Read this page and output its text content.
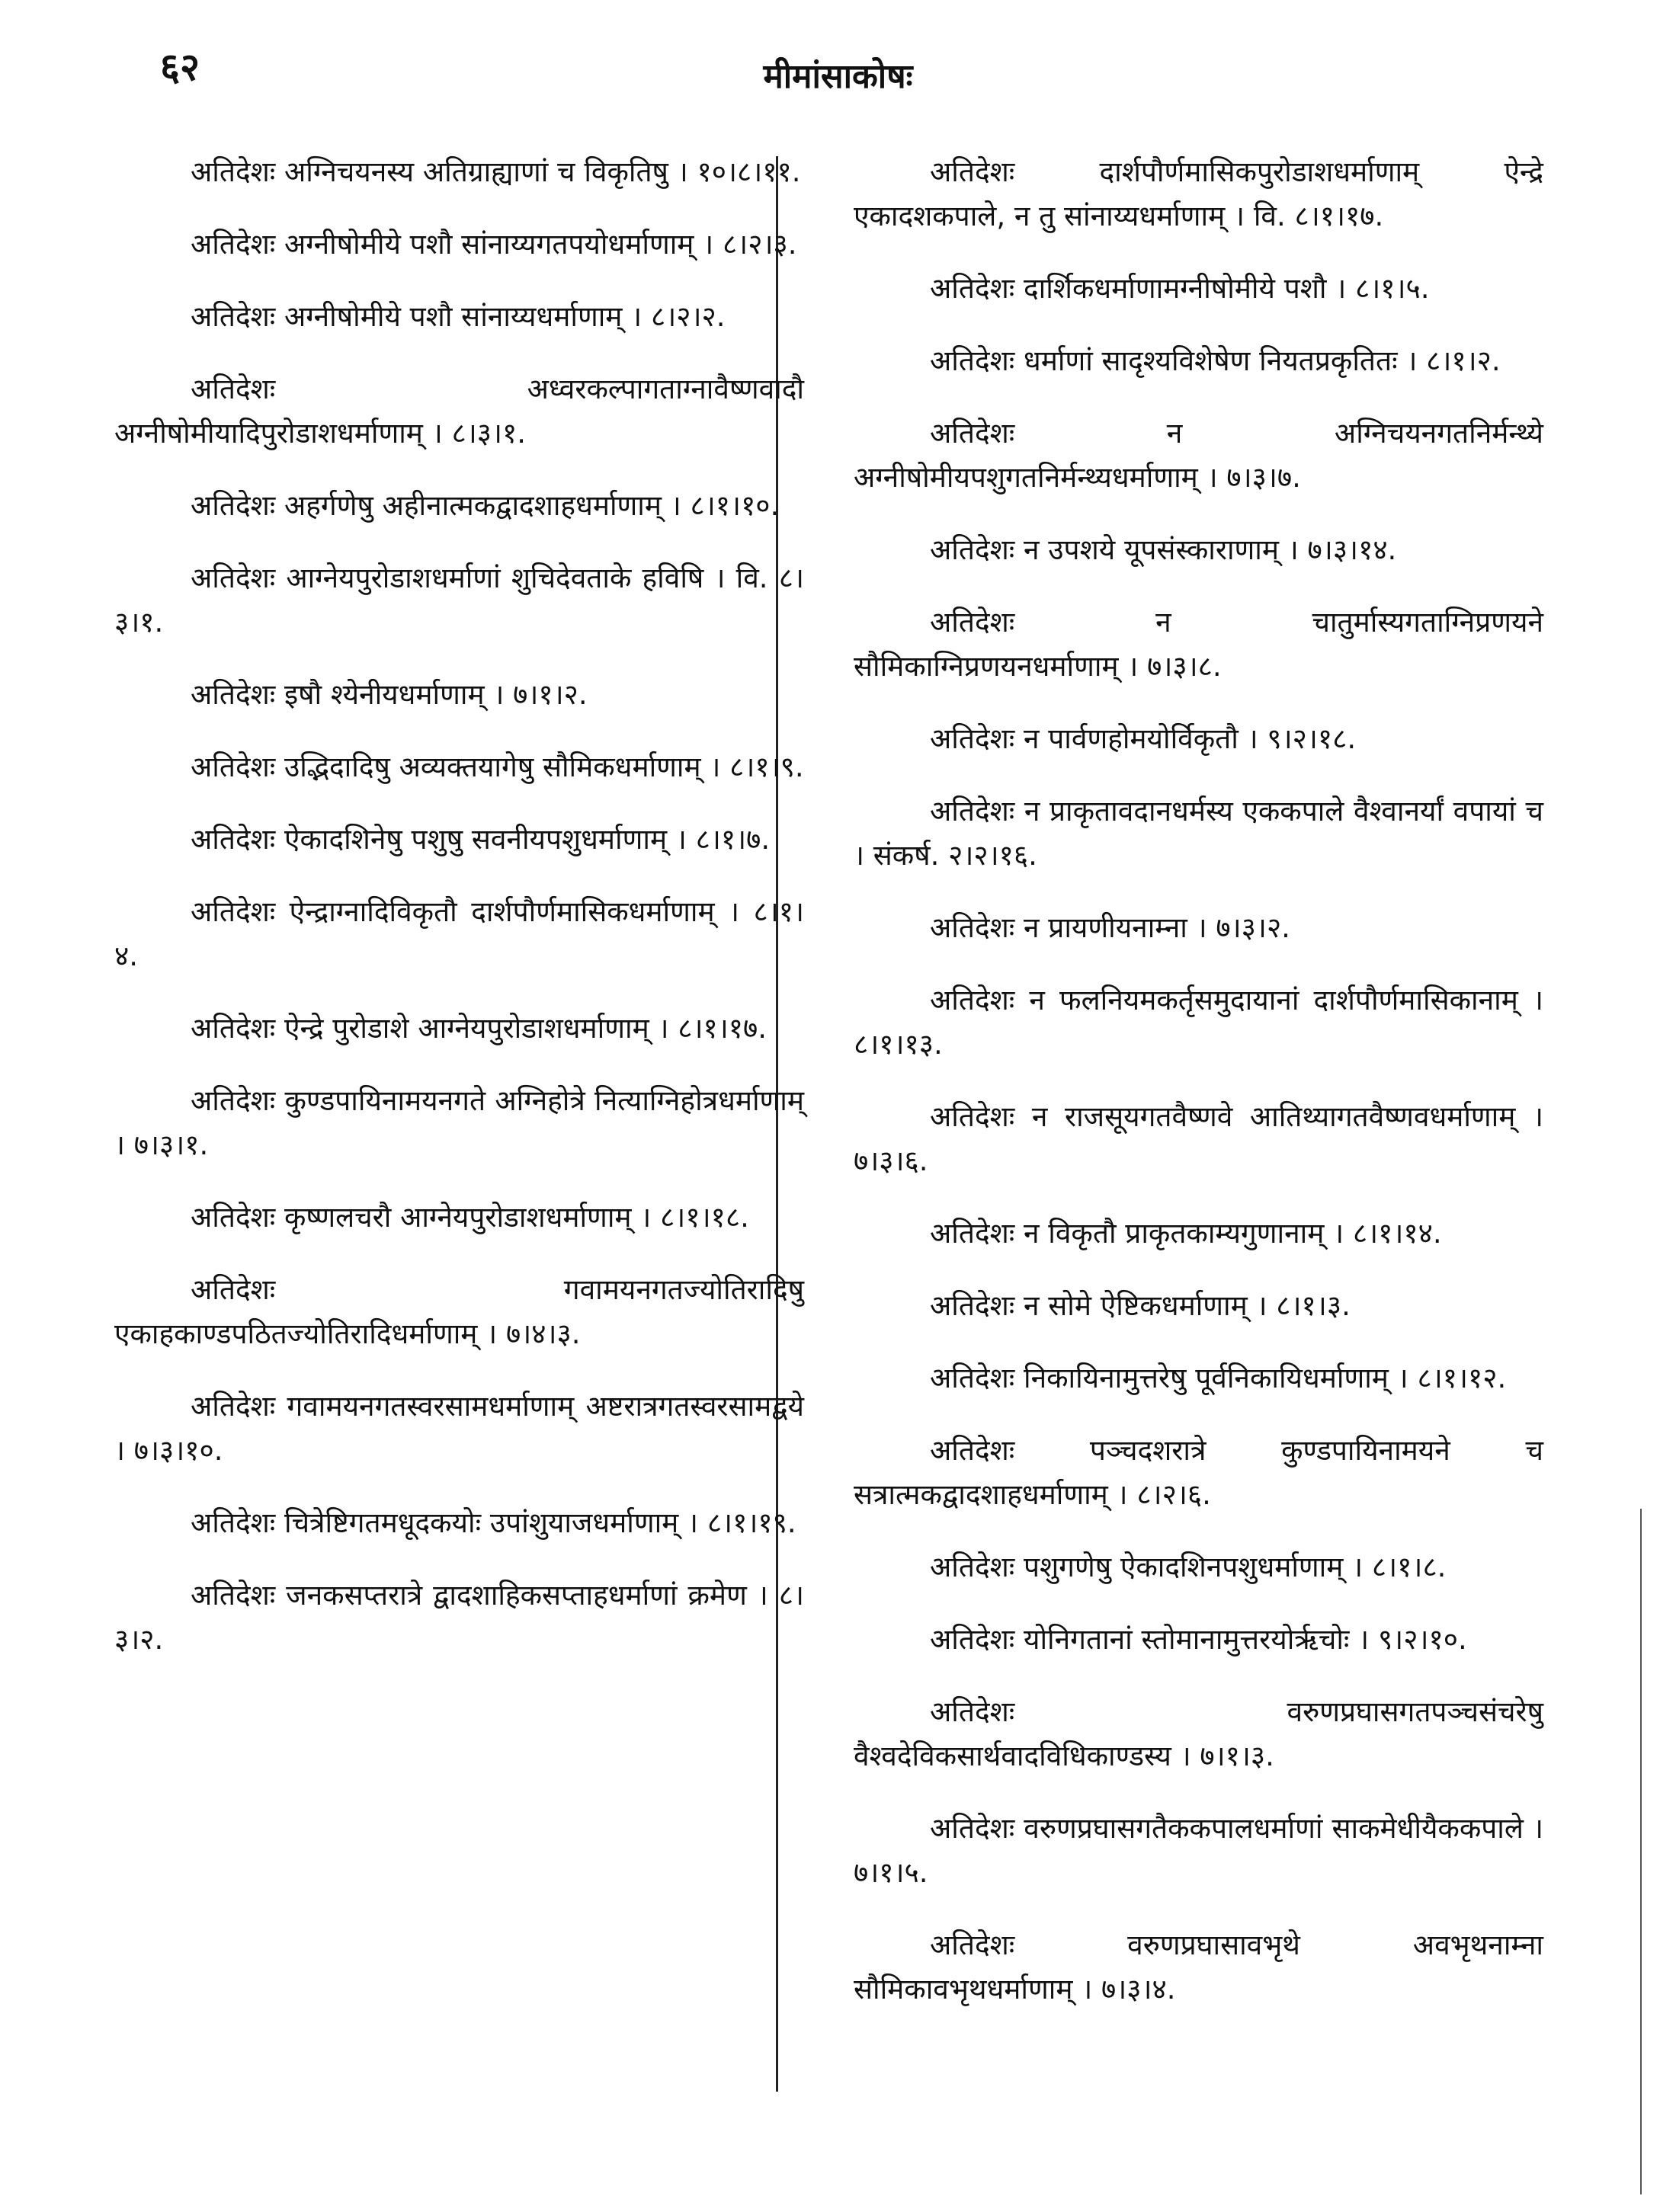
६२	मीमांसाकोषः

अतिदेशः अग्निचयनस्य अतिग्राह्याणां च विकृतिषु । १०।८।११.

अतिदेशः अग्नीषोमीये पशौ सांनाय्यगतपयोधर्माणाम् । ८।२।३.

अतिदेशः अग्नीषोमीये पशौ सांनाय्यधर्माणाम् । ८।२।२.

अतिदेशः अध्वरकल्पागताग्नावैष्णवादौ अग्नीषोमीयादिपुरोडाशधर्माणाम् । ८।३।१.

अतिदेशः अहर्गणेषु अहीनात्मकद्वादशाहधर्माणाम् । ८।१।१०.

अतिदेशः आग्नेयपुरोडाशधर्माणां शुचिदेवताके हविषि । वि. ८।३।१.

अतिदेशः इषौ श्येनीयधर्माणाम् । ७।१।२.

अतिदेशः उद्भिदादिषु अव्यक्तयागेषु सौमिकधर्माणाम् । ८।१।९.

अतिदेशः ऐकादशिनेषु पशुषु सवनीयपशुधर्माणाम् । ८।१।७.

अतिदेशः ऐन्द्राग्नादिविकृतौ दार्शपौर्णमासिकधर्माणाम् । ८।१।४.

अतिदेशः ऐन्द्रे पुरोडाशे आग्नेयपुरोडाशधर्माणाम् । ८।१।१७.

अतिदेशः कुण्डपायिनामयनगते अग्निहोत्रे नित्याग्निहोत्रधर्माणाम् । ७।३।१.

अतिदेशः कृष्णलचरौ आग्नेयपुरोडाशधर्माणाम् । ८।१।१८.

अतिदेशः गवामयनगतज्योतिरादिषु एकाहकाण्डपठितज्योतिरादिधर्माणाम् । ७।४।३.

अतिदेशः गवामयनगतस्वरसामधर्माणाम् अष्टरात्रगतस्वरसामद्वये । ७।३।१०.

अतिदेशः चित्रेष्टिगतमधूदकयोः उपांशुयाजधर्माणाम् । ८।१।१९.

अतिदेशः जनकसप्तरात्रे द्वादशाहिकसप्ताहधर्माणां क्रमेण । ८।३।२.

अतिदेशः दार्शपौर्णमासिकपुरोडाशधर्माणाम् ऐन्द्रे एकादशकपाले, न तु सांनाय्यधर्माणाम् । वि. ८।१।१७.

अतिदेशः दार्शिकधर्माणामग्नीषोमीये पशौ । ८।१।५.

अतिदेशः धर्माणां सादृश्यविशेषेण नियतप्रकृतितः । ८।१।२.

अतिदेशः न अग्निचयनगतनिर्मन्थ्ये अग्नीषोमीयपशुगतनिर्मन्थ्यधर्माणाम् । ७।३।७.

अतिदेशः न उपशये यूपसंस्काराणाम् । ७।३।१४.

अतिदेशः न चातुर्मास्यगताग्निप्रणयने सौमिकाग्निप्रणयनधर्माणाम् । ७।३।८.

अतिदेशः न पार्वणहोमयोर्विकृतौ । ९।२।१८.

अतिदेशः न प्राकृतावदानधर्मस्य एककपाले वैश्वानर्यां वपायां च । संकर्ष. २।२।१६.

अतिदेशः न प्रायणीयनाम्ना । ७।३।२.

अतिदेशः न फलनियमकर्तृसमुदायानां दार्शपौर्णमासिकानाम् । ८।१।१३.

अतिदेशः न राजसूयगतवैष्णवे आतिथ्यागतवैष्णवधर्माणाम् । ७।३।६.

अतिदेशः न विकृतौ प्राकृतकाम्यगुणानाम् । ८।१।१४.

अतिदेशः न सोमे ऐष्टिकधर्माणाम् । ८।१।३.

अतिदेशः निकायिनामुत्तरेषु पूर्वनिकायिधर्माणाम् । ८।१।१२.

अतिदेशः पञ्चदशरात्रे कुण्डपायिनामयने च सत्रात्मकद्वादशाहधर्माणाम् । ८।२।६.

अतिदेशः पशुगणेषु ऐकादशिनपशुधर्माणाम् । ८।१।८.

अतिदेशः योनिगतानां स्तोमानामुत्तरयोर्ऋचोः । ९।२।१०.

अतिदेशः वरुणप्रघासगतपञ्चसंचरेषु वैश्वदेविकसार्थवादविधिकाण्डस्य । ७।१।३.

अतिदेशः वरुणप्रघासगतैककपालधर्माणां साकमेधीयैककपाले । ७।१।५.

अतिदेशः वरुणप्रघासावभृथे अवभृथनाम्ना सौमिकावभृथधर्माणाम् । ७।३।४.
